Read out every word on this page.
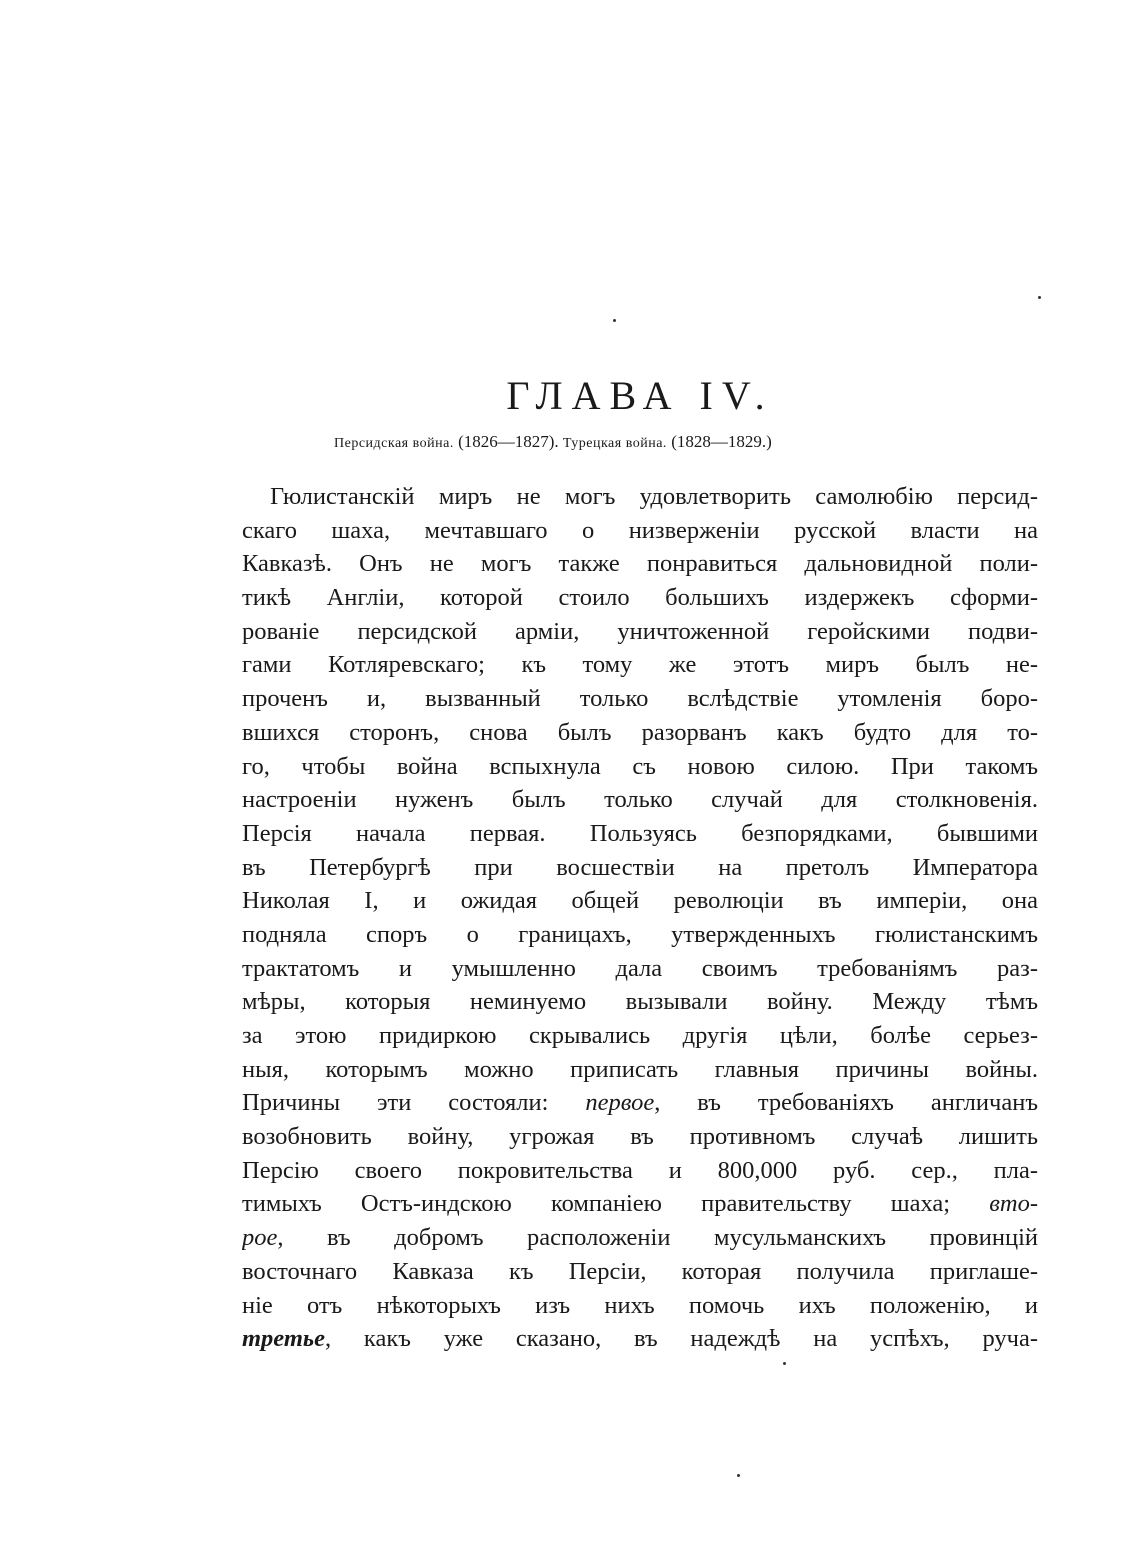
ГЛАВА IV.

Персидская война. (1826—1827). Турецкая война. (1828—1829.)

Гюлистанскій миръ не могъ удовлетворить самолюбію персид-
скаго шаха, мечтавшаго о низверженіи русской власти на
Кавказѣ. Онъ не могъ также понравиться дальновидной поли-
тикѣ Англіи, которой стоило большихъ издержекъ сформи-
рованіе персидской арміи, уничтоженной геройскими подви-
гами Котляревскаго; къ тому же этотъ миръ былъ не-
проченъ и, вызванный только вслѣдствіе утомленія боро-
вшихся сторонъ, снова былъ разорванъ какъ будто для то-
го, чтобы война вспыхнула съ новою силою. При такомъ
настроеніи нуженъ былъ только случай для столкновенія.
Персія начала первая. Пользуясь безпорядками, бывшими
въ Петербургѣ при восшествіи на претолъ Императора
Николая I, и ожидая общей революціи въ имперіи, она
подняла споръ о границахъ, утвержденныхъ гюлистанскимъ
трактатомъ и умышленно дала своимъ требованіямъ раз-
мѣры, которыя неминуемо вызывали войну. Между тѣмъ
за этою придиркою скрывались другія цѣли, болѣе серьез-
ныя, которымъ можно приписать главныя причины войны.
Причины эти состояли: первое, въ требованіяхъ англичанъ
возобновить войну, угрожая въ противномъ случаѣ лишить
Персію своего покровительства и 800,000 руб. сер., пла-
тимыхъ Остъ-индскою компаніею правительству шаха; вто-
рое, въ добромъ расположеніи мусульманскихъ провинцій
восточнаго Кавказа къ Персіи, которая получила приглаше-
ніе отъ нѣкоторыхъ изъ нихъ помочь ихъ положенію, и
третье, какъ уже сказано, въ надеждѣ на успѣхъ, руча-
